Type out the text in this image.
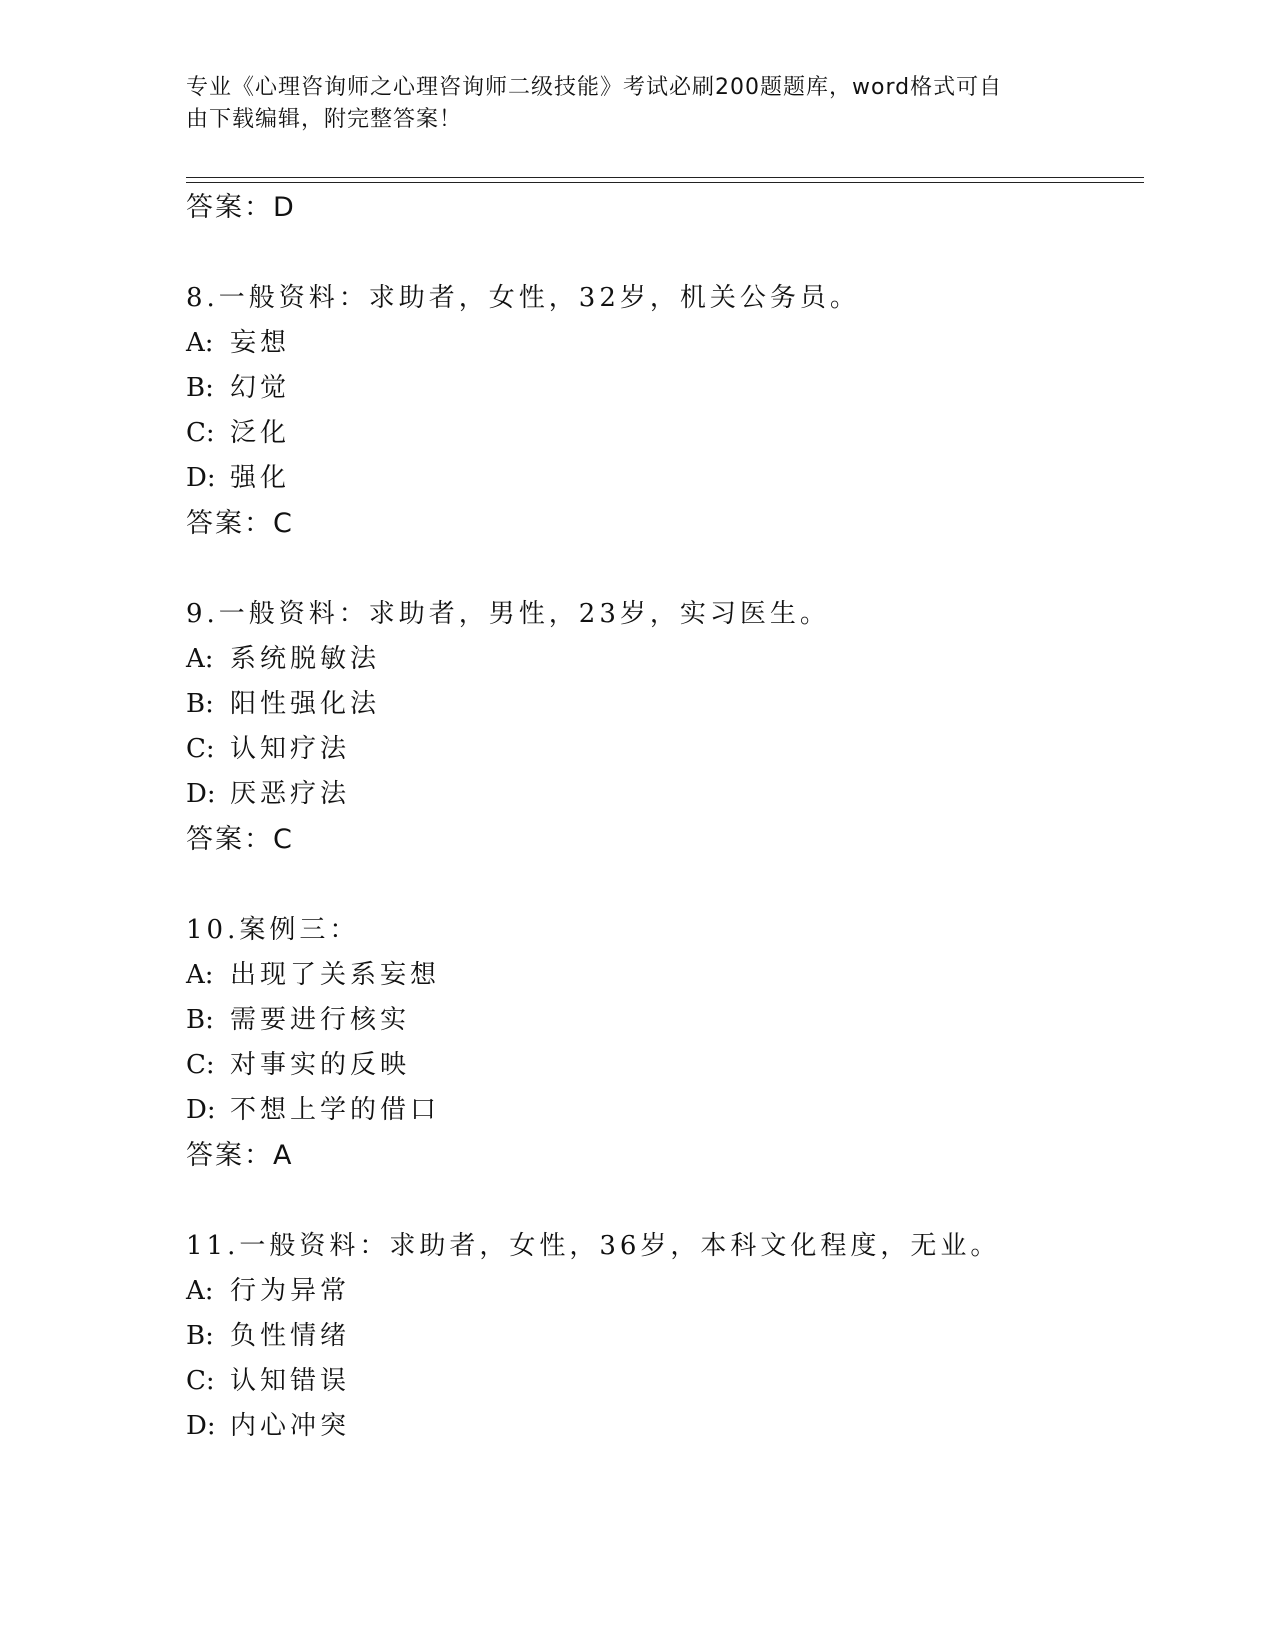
专业《心理咨询师之心理咨询师二级技能》考试必刷200题题库，word格式可自
由下载编辑，附完整答案！
答案：D
8.一般资料：求助者，女性，32岁，机关公务员。
A: 妄想
B: 幻觉
C: 泛化
D: 强化
答案：C
9.一般资料：求助者，男性，23岁，实习医生。
A: 系统脱敏法
B: 阳性强化法
C: 认知疗法
D: 厌恶疗法
答案：C
10.案例三：
A: 出现了关系妄想
B: 需要进行核实
C: 对事实的反映
D: 不想上学的借口
答案：A
11.一般资料：求助者，女性，36岁，本科文化程度，无业。
A: 行为异常
B: 负性情绪
C: 认知错误
D: 内心冲突
